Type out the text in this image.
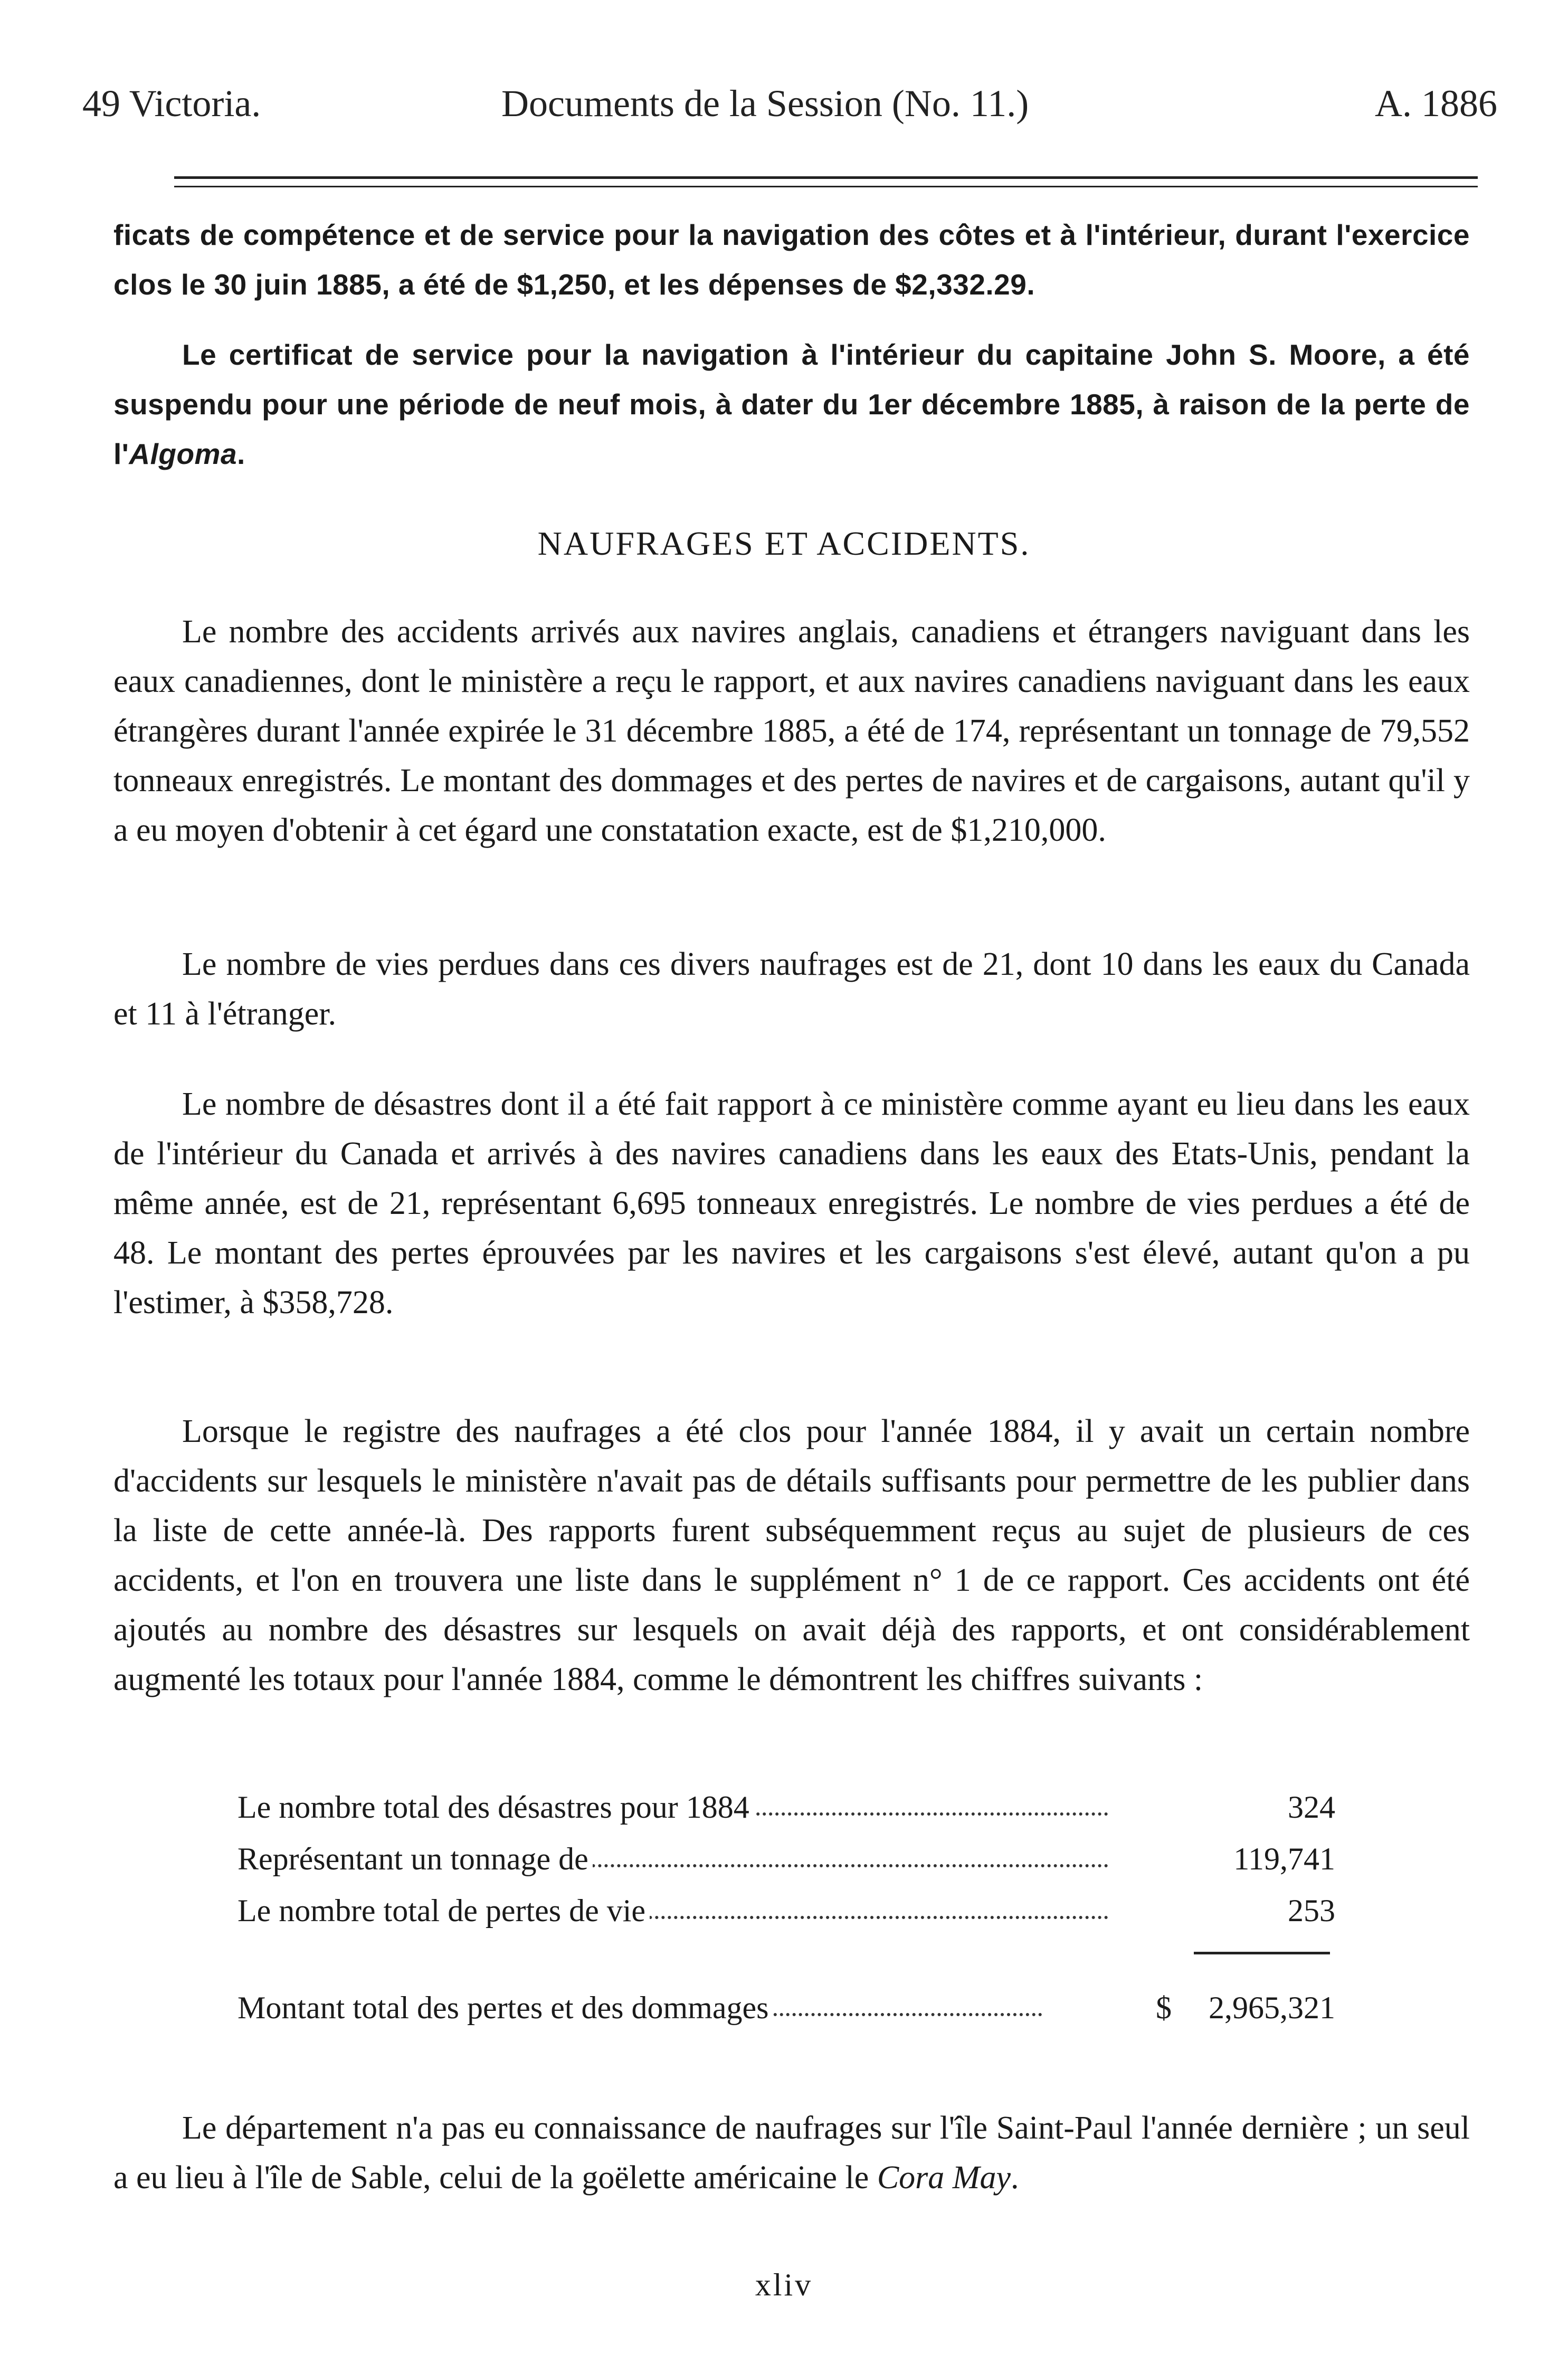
49 Victoria.	Documents de la Session (No. 11.)	A. 1886
ficats de compétence et de service pour la navigation des côtes et à l'intérieur, durant l'exercice clos le 30 juin 1885, a été de $1,250, et les dépenses de $2,332.29.
Le certificat de service pour la navigation à l'intérieur du capitaine John S. Moore, a été suspendu pour une période de neuf mois, à dater du 1er décembre 1885, à raison de la perte de l'Algoma.
NAUFRAGES ET ACCIDENTS.
Le nombre des accidents arrivés aux navires anglais, canadiens et étrangers naviguant dans les eaux canadiennes, dont le ministère a reçu le rapport, et aux navires canadiens naviguant dans les eaux étrangères durant l'année expirée le 31 décembre 1885, a été de 174, représentant un tonnage de 79,552 tonneaux enregistrés. Le montant des dommages et des pertes de navires et de cargaisons, autant qu'il y a eu moyen d'obtenir à cet égard une constatation exacte, est de $1,210,000.
Le nombre de vies perdues dans ces divers naufrages est de 21, dont 10 dans les eaux du Canada et 11 à l'étranger.
Le nombre de désastres dont il a été fait rapport à ce ministère comme ayant eu lieu dans les eaux de l'intérieur du Canada et arrivés à des navires canadiens dans les eaux des Etats-Unis, pendant la même année, est de 21, représentant 6,695 tonneaux enregistrés. Le nombre de vies perdues a été de 48. Le montant des pertes éprouvées par les navires et les cargaisons s'est élevé, autant qu'on a pu l'estimer, à $358,728.
Lorsque le registre des naufrages a été clos pour l'année 1884, il y avait un certain nombre d'accidents sur lesquels le ministère n'avait pas de détails suffisants pour permettre de les publier dans la liste de cette année-là. Des rapports furent subséquemment reçus au sujet de plusieurs de ces accidents, et l'on en trouvera une liste dans le supplément n° 1 de ce rapport. Ces accidents ont été ajoutés au nombre des désastres sur lesquels on avait déjà des rapports, et ont considérablement augmenté les totaux pour l'année 1884, comme le démontrent les chiffres suivants :
Le nombre total des désastres pour 1884	324
Représentant un tonnage de	119,741
Le nombre total de pertes de vie	253
Montant total des pertes et des dommages	$ 2,965,321
Le département n'a pas eu connaissance de naufrages sur l'île Saint-Paul l'année dernière ; un seul a eu lieu à l'île de Sable, celui de la goëlette américaine le Cora May.
xliv
